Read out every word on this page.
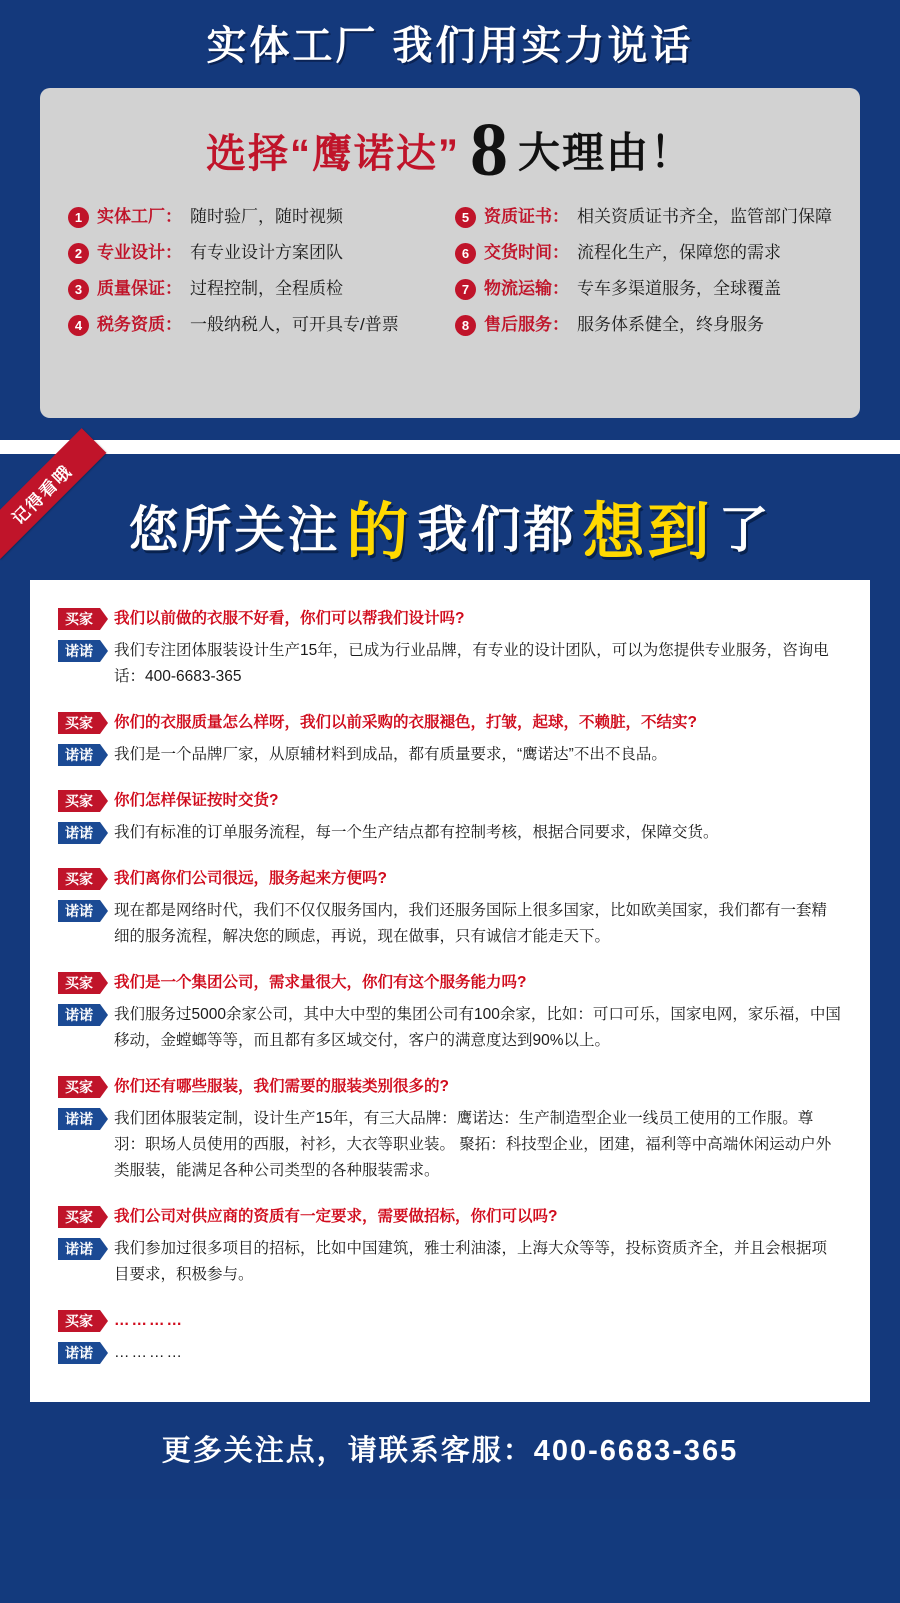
实体工厂 我们用实力说话
选择“鹰诺达” 8 大理由！
1 实体工厂： 随时验厂，随时视频	5 资质证书： 相关资质证书齐全，监管部门保障
2 专业设计： 有专业设计方案团队	6 交货时间： 流程化生产，保障您的需求
3 质量保证： 过程控制，全程质检	7 物流运输： 专车多渠道服务，全球覆盖
4 税务资质： 一般纳税人，可开具专/普票	8 售后服务： 服务体系健全，终身服务
记得看哦
您所关注 的 我们都 想到 了
买家	我们以前做的衣服不好看，你们可以帮我们设计吗?
诺诺	我们专注团体服装设计生产15年，已成为行业品牌，有专业的设计团队，可以为您提供专业服务，咨询电话：400-6683-365
买家	你们的衣服质量怎么样呀，我们以前采购的衣服褪色，打皱，起球，不赖脏，不结实?
诺诺	我们是一个品牌厂家，从原辅材料到成品，都有质量要求，“鹰诺达”不出不良品。
买家	你们怎样保证按时交货?
诺诺	我们有标准的订单服务流程，每一个生产结点都有控制考核，根据合同要求，保障交货。
买家	我们离你们公司很远，服务起来方便吗?
诺诺	现在都是网络时代，我们不仅仅服务国内，我们还服务国际上很多国家，比如欧美国家，我们都有一套精细的服务流程，解决您的顾虑，再说，现在做事，只有诚信才能走天下。
买家	我们是一个集团公司，需求量很大，你们有这个服务能力吗?
诺诺	我们服务过5000余家公司，其中大中型的集团公司有100余家，比如：可口可乐，国家电网，家乐福，中国移动，金螳螂等等，而且都有多区域交付，客户的满意度达到90%以上。
买家	你们还有哪些服装，我们需要的服装类别很多的?
诺诺	我们团体服装定制，设计生产15年，有三大品牌：鹰诺达：生产制造型企业一线员工使用的工作服。尊羽：职场人员使用的西服，衬衫，大衣等职业装。 聚拓：科技型企业，团建，福利等中高端休闲运动户外类服装，能满足各种公司类型的各种服装需求。
买家	我们公司对供应商的资质有一定要求，需要做招标，你们可以吗?
诺诺	我们参加过很多项目的招标，比如中国建筑，雅士利油漆，上海大众等等，投标资质齐全，并且会根据项目要求，积极参与。
买家	…………
诺诺	…………
更多关注点，请联系客服：400-6683-365
